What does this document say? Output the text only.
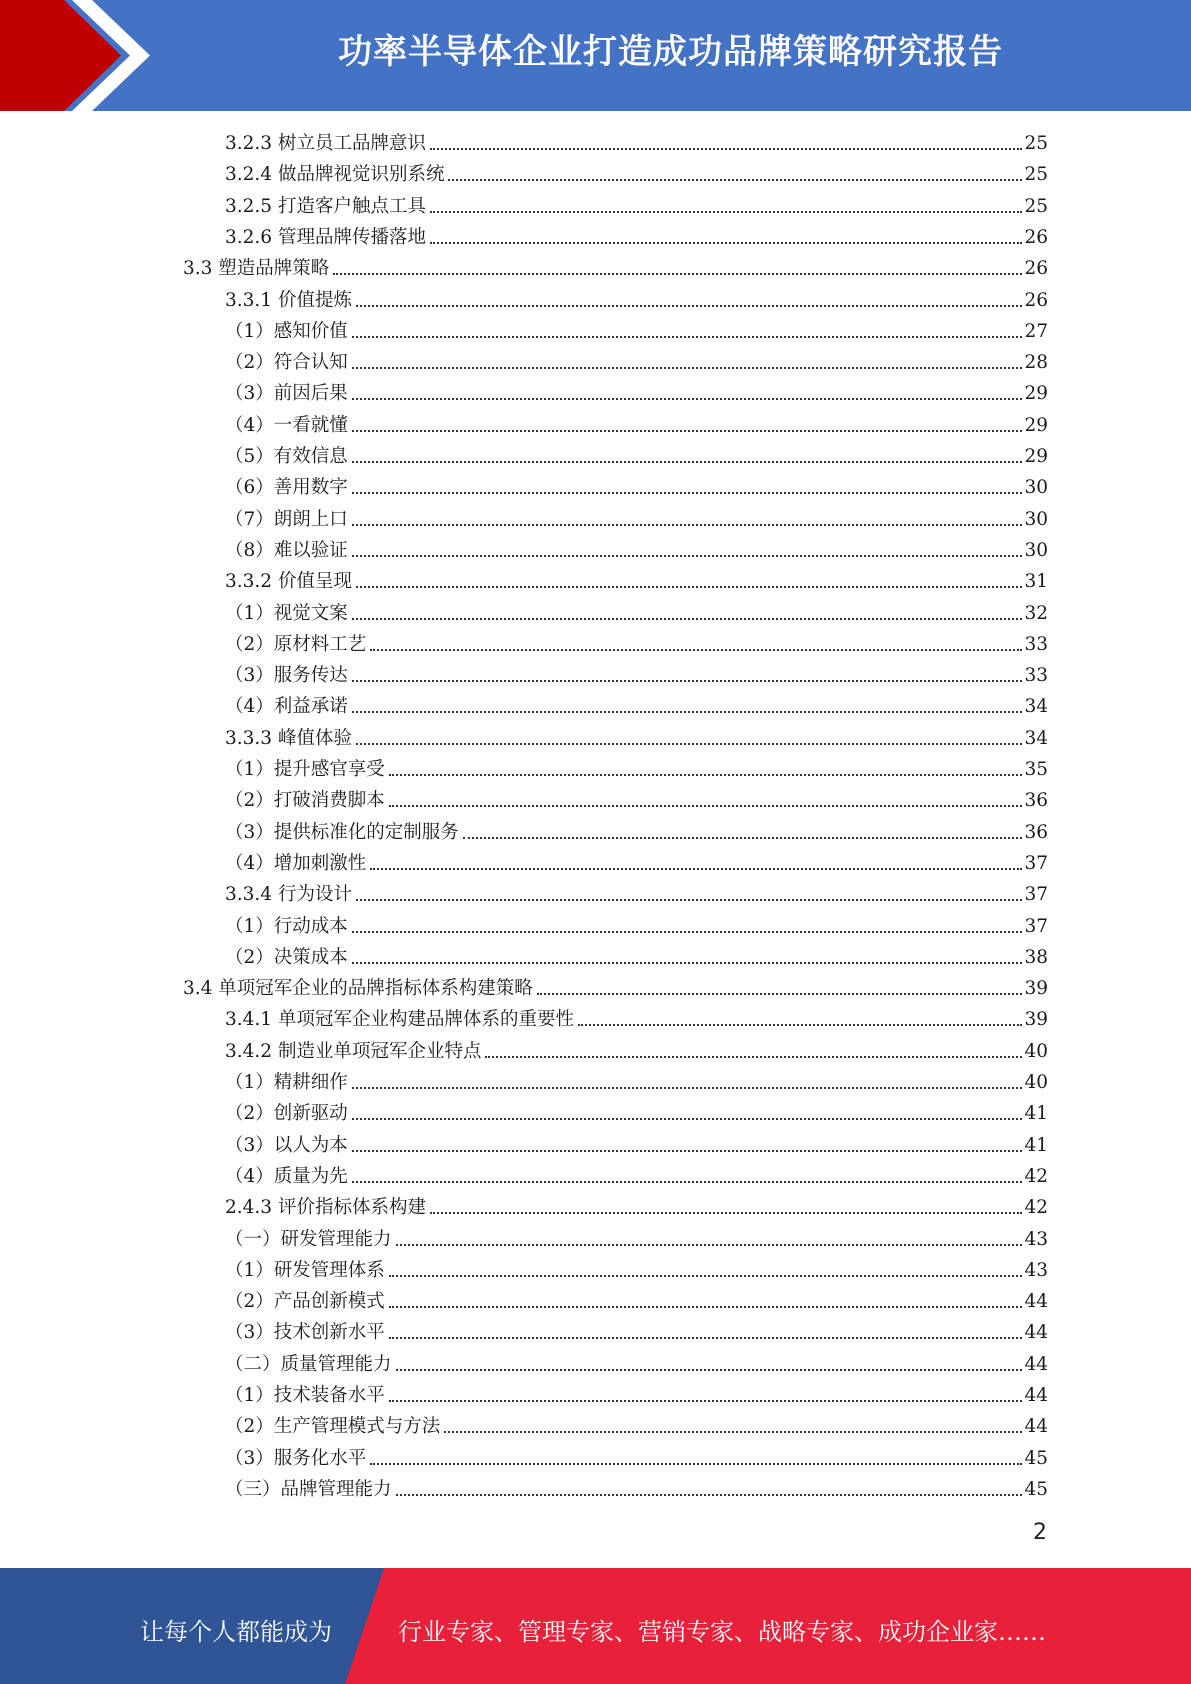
功率半导体企业打造成功品牌策略研究报告
3.2.3 树立员工品牌意识	25
3.2.4 做品牌视觉识别系统	25
3.2.5 打造客户触点工具	25
3.2.6 管理品牌传播落地	26
3.3 塑造品牌策略	26
3.3.1 价值提炼	26
（1）感知价值	27
（2）符合认知	28
（3）前因后果	29
（4）一看就懂	29
（5）有效信息	29
（6）善用数字	30
（7）朗朗上口	30
（8）难以验证	30
3.3.2 价值呈现	31
（1）视觉文案	32
（2）原材料工艺	33
（3）服务传达	33
（4）利益承诺	34
3.3.3 峰值体验	34
（1）提升感官享受	35
（2）打破消费脚本	36
（3）提供标准化的定制服务	36
（4）增加刺激性	37
3.3.4 行为设计	37
（1）行动成本	37
（2）决策成本	38
3.4 单项冠军企业的品牌指标体系构建策略	39
3.4.1 单项冠军企业构建品牌体系的重要性	39
3.4.2 制造业单项冠军企业特点	40
（1）精耕细作	40
（2）创新驱动	41
（3）以人为本	41
（4）质量为先	42
2.4.3 评价指标体系构建	42
（一）研发管理能力	43
（1）研发管理体系	43
（2）产品创新模式	44
（3）技术创新水平	44
（二）质量管理能力	44
（1）技术装备水平	44
（2）生产管理模式与方法	44
（3）服务化水平	45
（三）品牌管理能力	45
2
让每个人都能成为	行业专家、管理专家、营销专家、战略专家、成功企业家……
